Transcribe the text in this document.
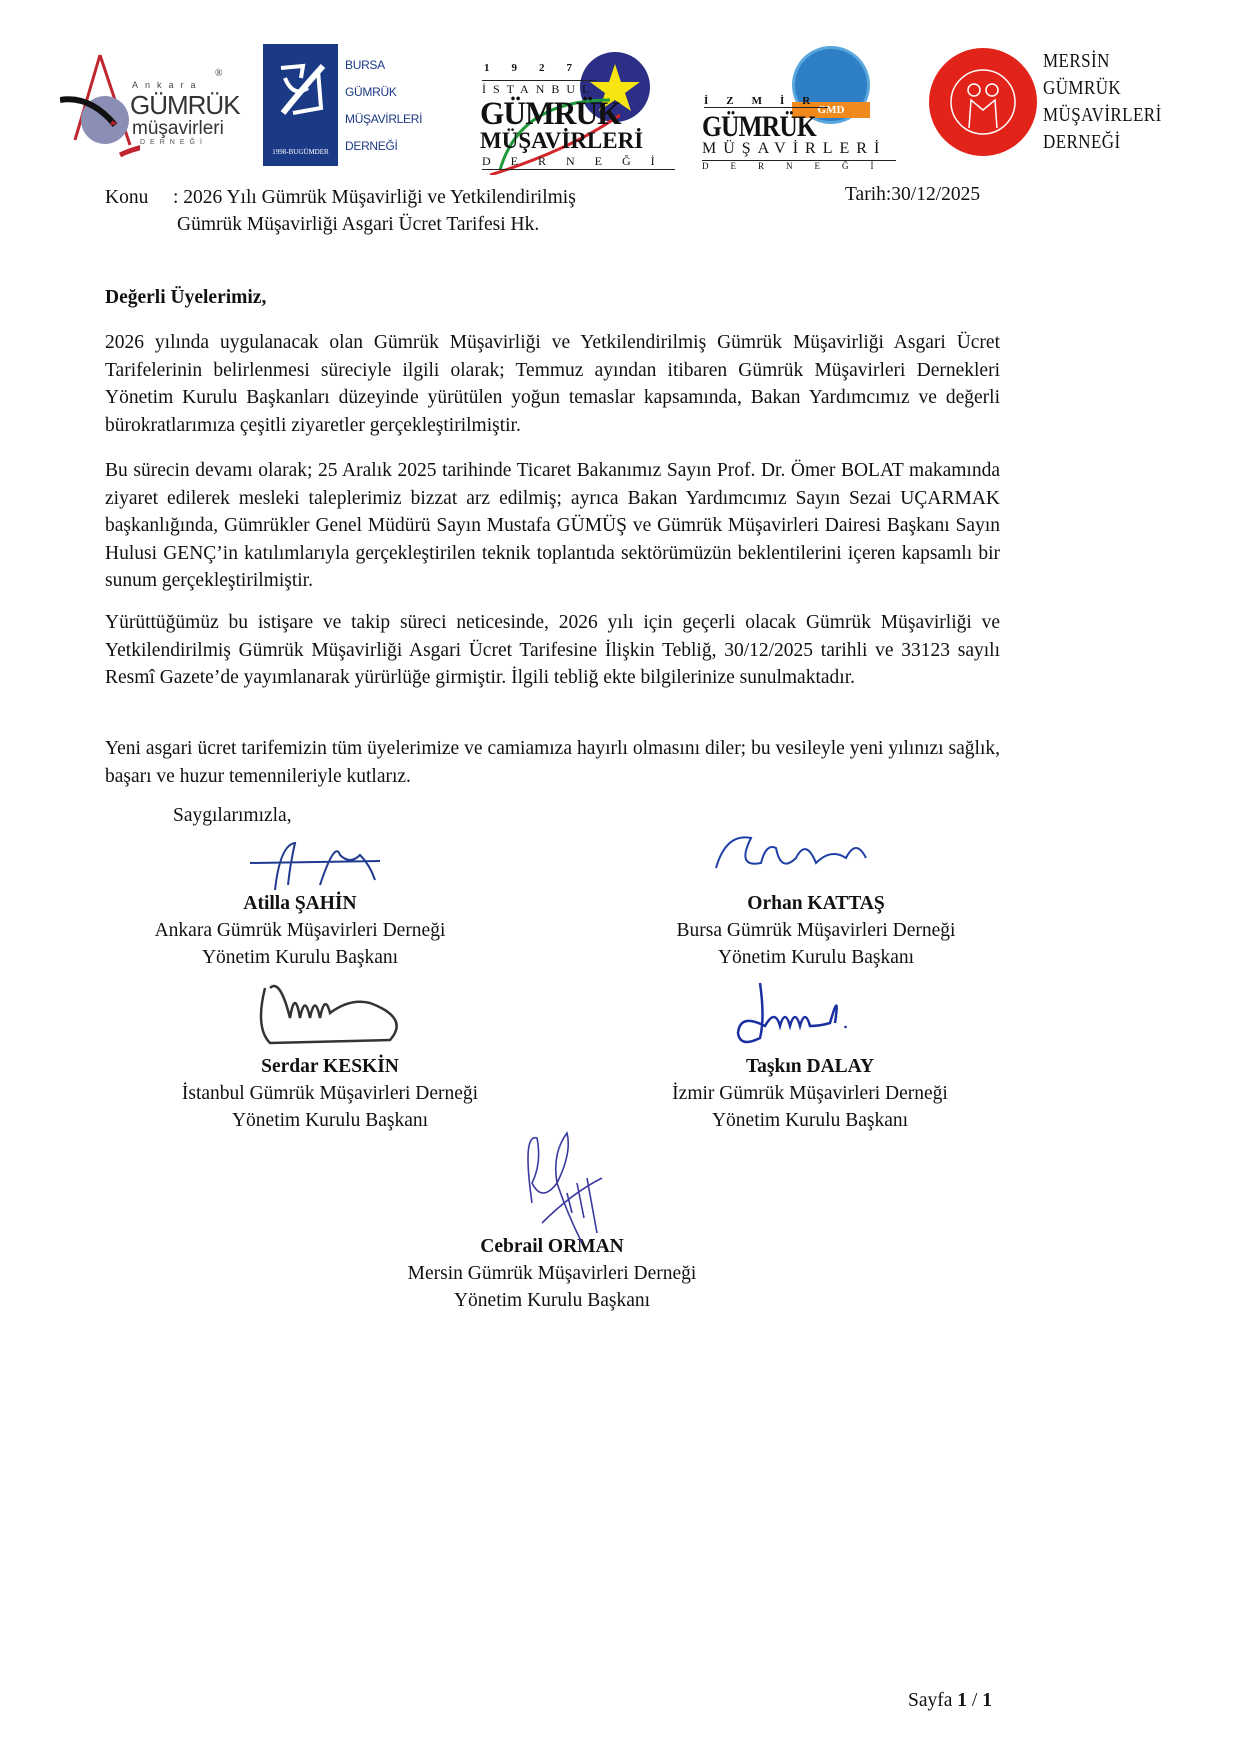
Ankara
®
GÜMRÜK
müşavirleri
DERNEĞİ
1998-BUGÜMDER
BURSA
GÜMRÜK
MÜŞAVİRLERİ
DERNEĞİ
1927
İSTANBUL
GÜMRÜK
MÜŞAVİRLERİ
DERNEĞİ
GMD
İZMİR
GÜMRÜK
MÜŞAVİRLERİ
DERNEĞİ
MERSİN
GÜMRÜK
MÜŞAVİRLERİ
DERNEĞİ
Konu : 2026 Yılı Gümrük Müşavirliği ve Yetkilendirilmiş
Gümrük Müşavirliği Asgari Ücret Tarifesi Hk.
Tarih:30/12/2025
Değerli Üyelerimiz,
2026 yılında uygulanacak olan Gümrük Müşavirliği ve Yetkilendirilmiş Gümrük Müşavirliği Asgari Ücret Tarifelerinin belirlenmesi süreciyle ilgili olarak; Temmuz ayından itibaren Gümrük Müşavirleri Dernekleri Yönetim Kurulu Başkanları düzeyinde yürütülen yoğun temaslar kapsamında, Bakan Yardımcımız ve değerli bürokratlarımıza çeşitli ziyaretler gerçekleştirilmiştir.
Bu sürecin devamı olarak; 25 Aralık 2025 tarihinde Ticaret Bakanımız Sayın Prof. Dr. Ömer BOLAT makamında ziyaret edilerek mesleki taleplerimiz bizzat arz edilmiş; ayrıca Bakan Yardımcımız Sayın Sezai UÇARMAK başkanlığında, Gümrükler Genel Müdürü Sayın Mustafa GÜMÜŞ ve Gümrük Müşavirleri Dairesi Başkanı Sayın Hulusi GENÇ’in katılımlarıyla gerçekleştirilen teknik toplantıda sektörümüzün beklentilerini içeren kapsamlı bir sunum gerçekleştirilmiştir.
Yürüttüğümüz bu istişare ve takip süreci neticesinde, 2026 yılı için geçerli olacak Gümrük Müşavirliği ve Yetkilendirilmiş Gümrük Müşavirliği Asgari Ücret Tarifesine İlişkin Tebliğ, 30/12/2025 tarihli ve 33123 sayılı Resmî Gazete’de yayımlanarak yürürlüğe girmiştir. İlgili tebliğ ekte bilgilerinize sunulmaktadır.
Yeni asgari ücret tarifemizin tüm üyelerimize ve camiamıza hayırlı olmasını diler; bu vesileyle yeni yılınızı sağlık, başarı ve huzur temennileriyle kutlarız.
Saygılarımızla,
Atilla ŞAHİN
Ankara Gümrük Müşavirleri Derneği
Yönetim Kurulu Başkanı
Orhan KATTAŞ
Bursa Gümrük Müşavirleri Derneği
Yönetim Kurulu Başkanı
Serdar KESKİN
İstanbul Gümrük Müşavirleri Derneği
Yönetim Kurulu Başkanı
Taşkın DALAY
İzmir Gümrük Müşavirleri Derneği
Yönetim Kurulu Başkanı
Cebrail ORMAN
Mersin Gümrük Müşavirleri Derneği
Yönetim Kurulu Başkanı
Sayfa 1 / 1
